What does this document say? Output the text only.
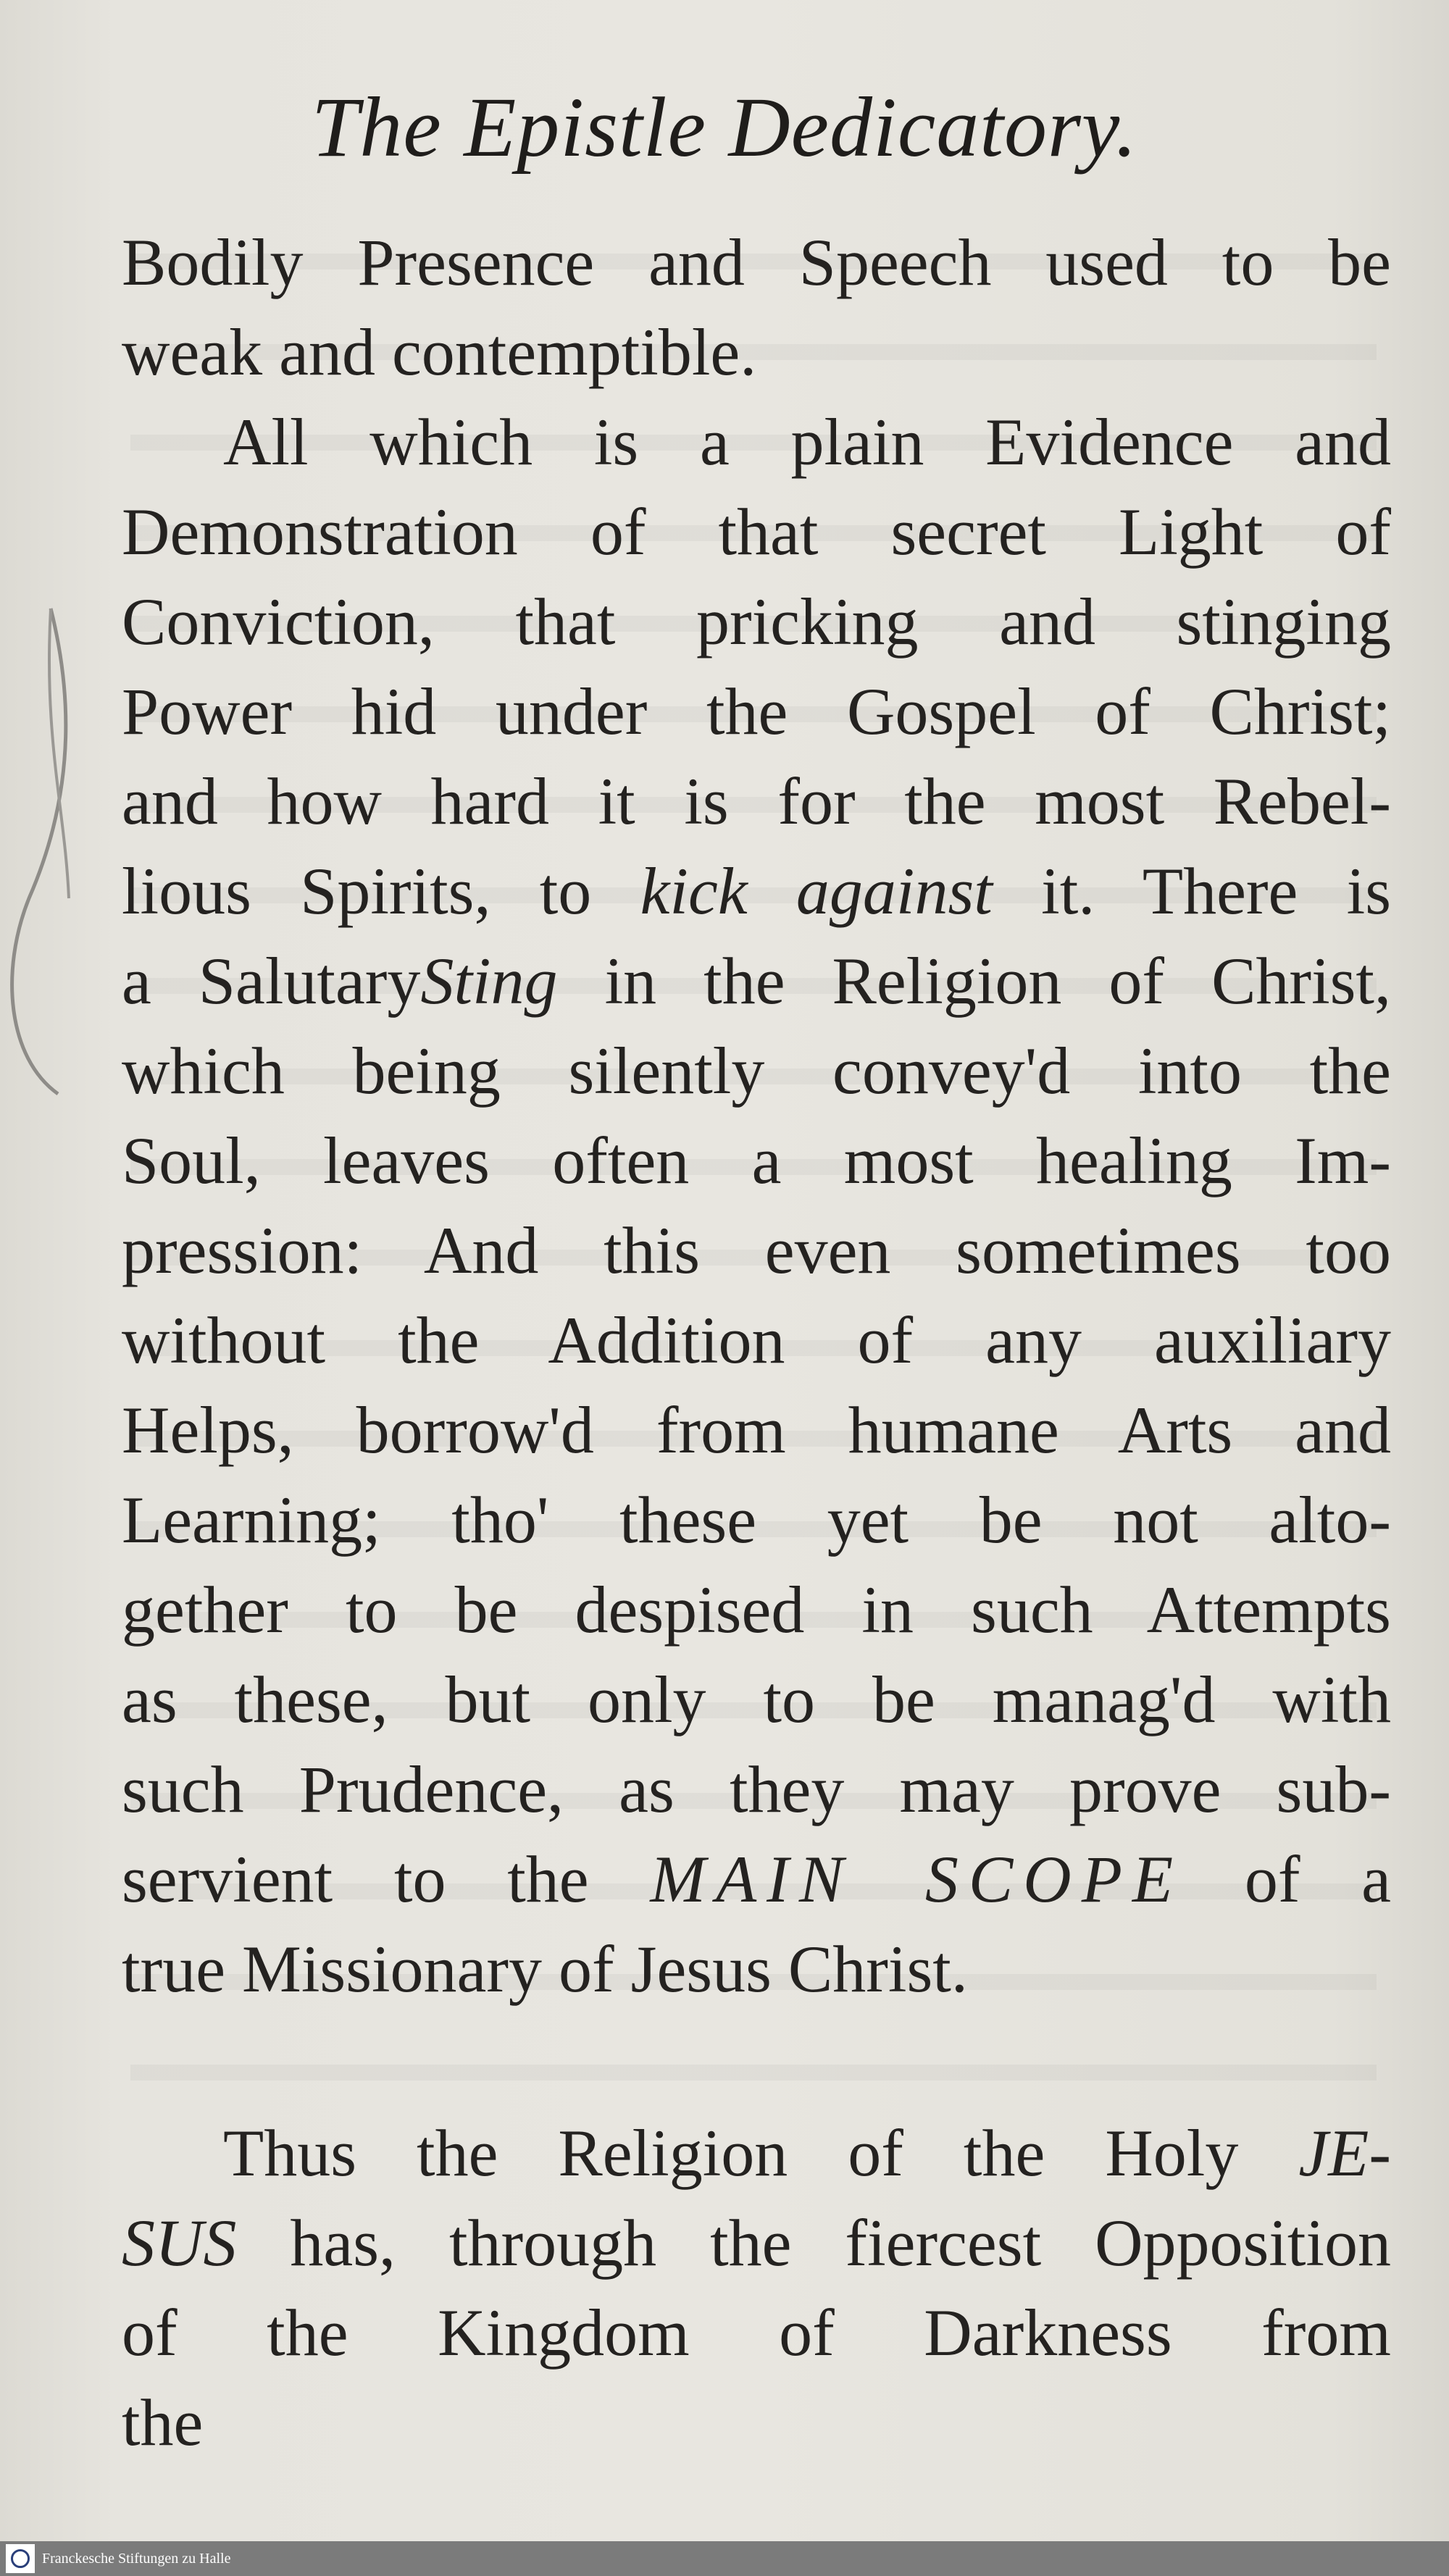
The Epistle Dedicatory.
Bodily Presence and Speech used to be
weak and contemptible.
All which is a plain Evidence and
Demonstration of that secret Light of
Conviction, that pricking and stinging
Power hid under the Gospel of Christ;
and how hard it is for the most Rebel-
lious Spirits, to kick against it. There is
a SalutarySting in the Religion of Christ,
which being silently convey'd into the
Soul, leaves often a most healing Im-
pression: And this even sometimes too
without the Addition of any auxiliary
Helps, borrow'd from humane Arts and
Learning; tho' these yet be not alto-
gether to be despised in such Attempts
as these, but only to be manag'd with
such Prudence, as they may prove sub-
servient to the MAIN SCOPE of a
true Missionary of Jesus Christ.
Thus the Religion of the Holy JE-
SUS has, through the fiercest Opposition
of the Kingdom of Darkness from
the
Franckesche Stiftungen zu Halle
